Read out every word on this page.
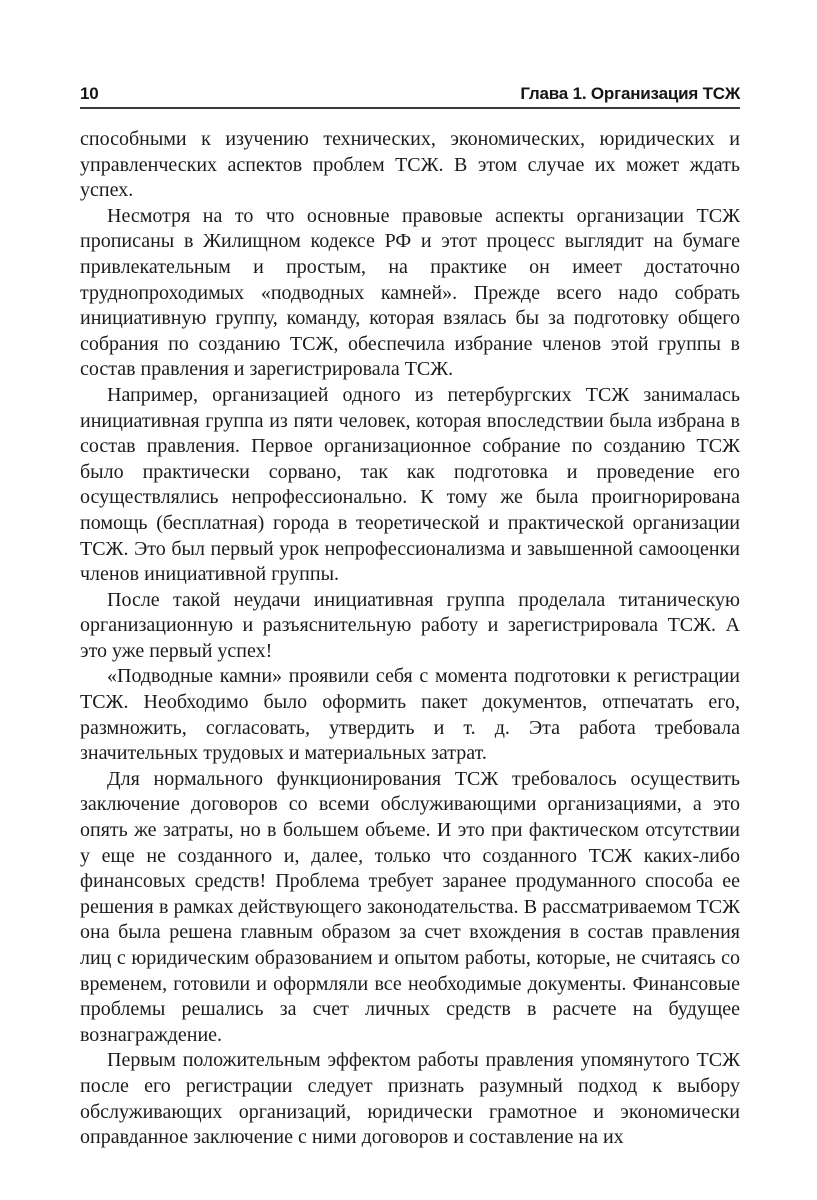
10	Глава 1. Организация ТСЖ

способными к изучению технических, экономических, юридических и управленческих аспектов проблем ТСЖ. В этом случае их может ждать успех.

Несмотря на то что основные правовые аспекты организации ТСЖ прописаны в Жилищном кодексе РФ и этот процесс выглядит на бумаге привлекательным и простым, на практике он имеет достаточно труднопроходимых «подводных камней». Прежде всего надо собрать инициативную группу, команду, которая взялась бы за подготовку общего собрания по созданию ТСЖ, обеспечила избрание членов этой группы в состав правления и зарегистрировала ТСЖ.

Например, организацией одного из петербургских ТСЖ занималась инициативная группа из пяти человек, которая впоследствии была избрана в состав правления. Первое организационное собрание по созданию ТСЖ было практически сорвано, так как подготовка и проведение его осуществлялись непрофессионально. К тому же была проигнорирована помощь (бесплатная) города в теоретической и практической организации ТСЖ. Это был первый урок непрофессионализма и завышенной самооценки членов инициативной группы.

После такой неудачи инициативная группа проделала титаническую организационную и разъяснительную работу и зарегистрировала ТСЖ. А это уже первый успех!

«Подводные камни» проявили себя с момента подготовки к регистрации ТСЖ. Необходимо было оформить пакет документов, отпечатать его, размножить, согласовать, утвердить и т. д. Эта работа требовала значительных трудовых и материальных затрат.

Для нормального функционирования ТСЖ требовалось осуществить заключение договоров со всеми обслуживающими организациями, а это опять же затраты, но в большем объеме. И это при фактическом отсутствии у еще не созданного и, далее, только что созданного ТСЖ каких-либо финансовых средств! Проблема требует заранее продуманного способа ее решения в рамках действующего законодательства. В рассматриваемом ТСЖ она была решена главным образом за счет вхождения в состав правления лиц с юридическим образованием и опытом работы, которые, не считаясь со временем, готовили и оформляли все необходимые документы. Финансовые проблемы решались за счет личных средств в расчете на будущее вознаграждение.

Первым положительным эффектом работы правления упомянутого ТСЖ после его регистрации следует признать разумный подход к выбору обслуживающих организаций, юридически грамотное и экономически оправданное заключение с ними договоров и составление на их
